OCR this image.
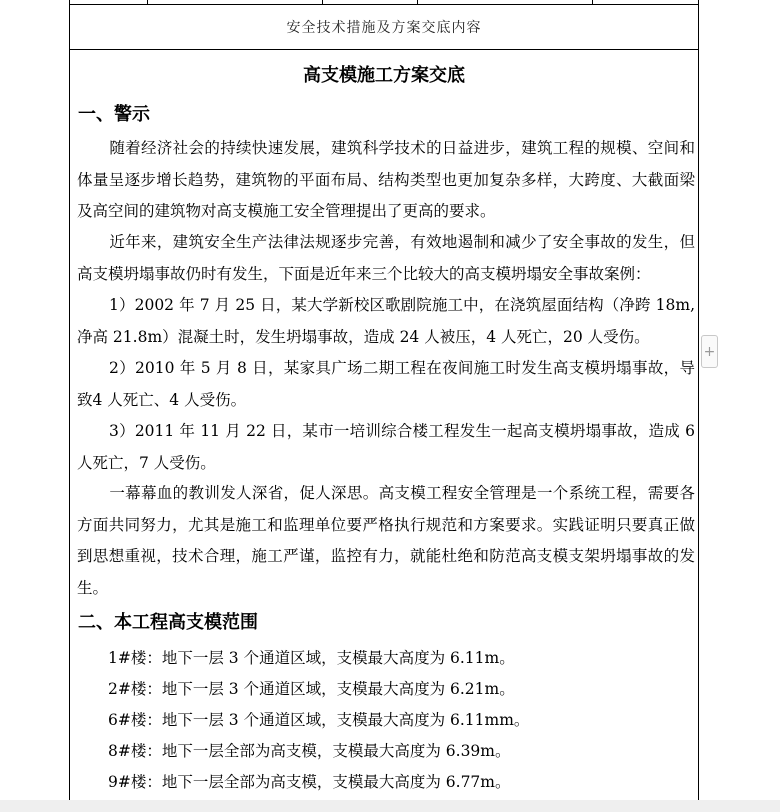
安全技术措施及方案交底内容
高支模施工方案交底
一、警示

随着经济社会的持续快速发展，建筑科学技术的日益进步，建筑工程的规模、空间和体量呈逐步增长趋势，建筑物的平面布局、结构类型也更加复杂多样，大跨度、大截面梁及高空间的建筑物对高支模施工安全管理提出了更高的要求。

近年来，建筑安全生产法律法规逐步完善，有效地遏制和减少了安全事故的发生，但高支模坍塌事故仍时有发生，下面是近年来三个比较大的高支模坍塌安全事故案例：

1）2002 年 7 月 25 日，某大学新校区歌剧院施工中，在浇筑屋面结构（净跨 18m,净高 21.8m）混凝土时，发生坍塌事故，造成 24 人被压，4 人死亡，20 人受伤。

2）2010 年 5 月 8 日，某家具广场二期工程在夜间施工时发生高支模坍塌事故，导致4 人死亡、4 人受伤。

3）2011 年 11 月 22 日，某市一培训综合楼工程发生一起高支模坍塌事故，造成 6 人死亡，7 人受伤。

一幕幕血的教训发人深省，促人深思。高支模工程安全管理是一个系统工程，需要各方面共同努力，尤其是施工和监理单位要严格执行规范和方案要求。实践证明只要真正做到思想重视，技术合理，施工严谨，监控有力，就能杜绝和防范高支模支架坍塌事故的发生。

二、本工程高支模范围
1#楼：地下一层 3 个通道区域，支模最大高度为 6.11m。
2#楼：地下一层 3 个通道区域，支模最大高度为 6.21m。
6#楼：地下一层 3 个通道区域，支模最大高度为 6.11mm。
8#楼：地下一层全部为高支模，支模最大高度为 6.39m。
9#楼：地下一层全部为高支模，支模最大高度为 6.77m。
+
